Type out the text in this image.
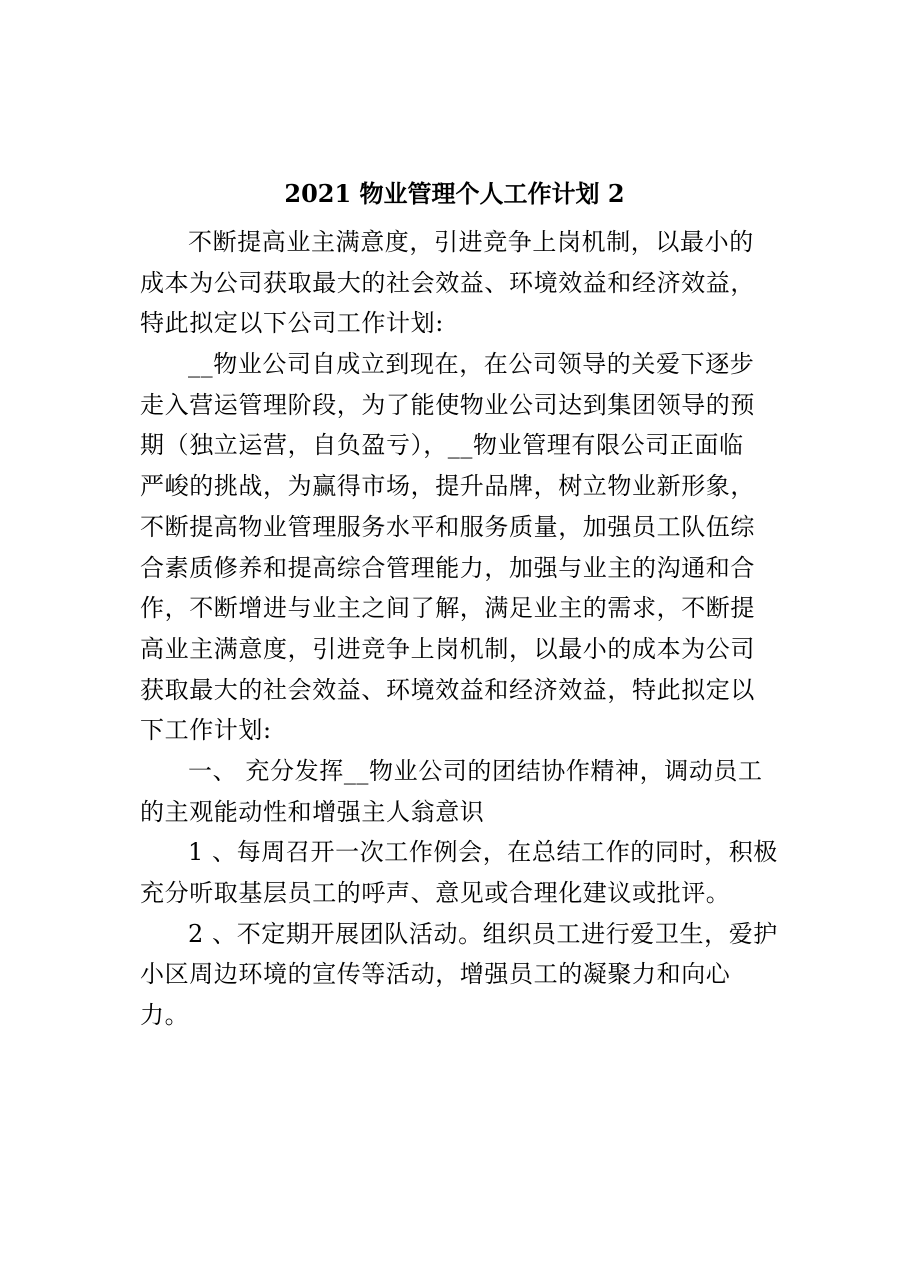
2021 物业管理个人工作计划 2
不断提高业主满意度，引进竞争上岗机制，以最小的
成本为公司获取最大的社会效益、环境效益和经济效益，
特此拟定以下公司工作计划:
__物业公司自成立到现在，在公司领导的关爱下逐步
走入营运管理阶段，为了能使物业公司达到集团领导的预
期（独立运营，自负盈亏），__物业管理有限公司正面临
严峻的挑战，为赢得市场，提升品牌，树立物业新形象，
不断提高物业管理服务水平和服务质量，加强员工队伍综
合素质修养和提高综合管理能力，加强与业主的沟通和合
作，不断增进与业主之间了解，满足业主的需求，不断提
高业主满意度，引进竞争上岗机制，以最小的成本为公司
获取最大的社会效益、环境效益和经济效益，特此拟定以
下工作计划:
一、 充分发挥__物业公司的团结协作精神，调动员工
的主观能动性和增强主人翁意识
1 、每周召开一次工作例会，在总结工作的同时，积极
充分听取基层员工的呼声、意见或合理化建议或批评。
2 、不定期开展团队活动。组织员工进行爱卫生，爱护
小区周边环境的宣传等活动，增强员工的凝聚力和向心
力。
